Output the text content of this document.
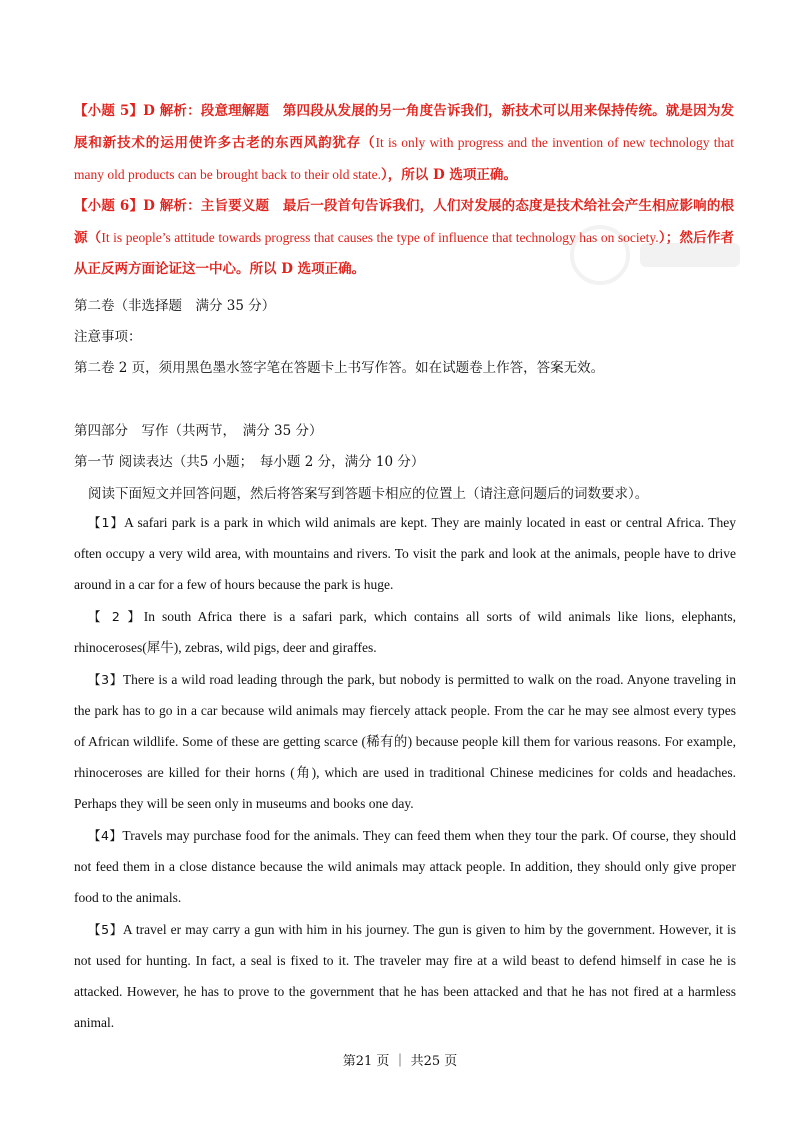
【小题 5】D 解析：段意理解题　 第四段从发展的另一角度告诉我们，新技术可以用来保持传统。就是因为发展和新技术的运用使许多古老的东西风韵犹存（It is only with progress and the invention of new technology that many old products can be brought back to their old state.），所以 D 选项正确。
【小题 6】D 解析：主旨要义题　 最后一段首句告诉我们，人们对发展的态度是技术给社会产生相应影响的根源（It is people’s attitude towards progress that causes the type of influence that technology has on society.）；然后作者从正反两方面论证这一中心。所以 D 选项正确。
第二卷（非选择题　满分 35 分）
注意事项：
第二卷 2 页，须用黑色墨水签字笔在答题卡上书写作答。如在试题卷上作答，答案无效。
第四部分　写作（共两节，　满分 35 分）
第一节 阅读表达（共5 小题；　每小题 2 分，满分 10 分）
阅读下面短文并回答问题，然后将答案写到答题卡相应的位置上（请注意问题后的词数要求）。
【1】A safari park is a park in which wild animals are kept. They are mainly located in east or central Africa. They often occupy a very wild area, with mountains and rivers. To visit the park and look at the animals, people have to drive around in a car for a few of hours because the park is huge.
【 2 】In south Africa there is a safari park, which contains all sorts of wild animals like lions, elephants, rhinoceroses(犀牛), zebras, wild pigs, deer and giraffes.
【3】There is a wild road leading through the park, but nobody is permitted to walk on the road. Anyone traveling in the park has to go in a car because wild animals may fiercely attack people. From the car he may see almost every types of African wildlife. Some of these are getting scarce (稀有的) because people kill them for various reasons. For example, rhinoceroses are killed for their horns (角), which are used in traditional Chinese medicines for colds and headaches. Perhaps they will be seen only in museums and books one day.
【4】Travels may purchase food for the animals. They can feed them when they tour the park. Of course, they should not feed them in a close distance because the wild animals may attack people. In addition, they should only give proper food to the animals.
【5】A travel er may carry a gun with him in his journey. The gun is given to him by the government. However, it is not used for hunting. In fact, a seal is fixed to it. The traveler may fire at a wild beast to defend himself in case he is attacked. However, he has to prove to the government that he has been attacked and that he has not fired at a harmless animal.
第21 页 ｜ 共25 页
